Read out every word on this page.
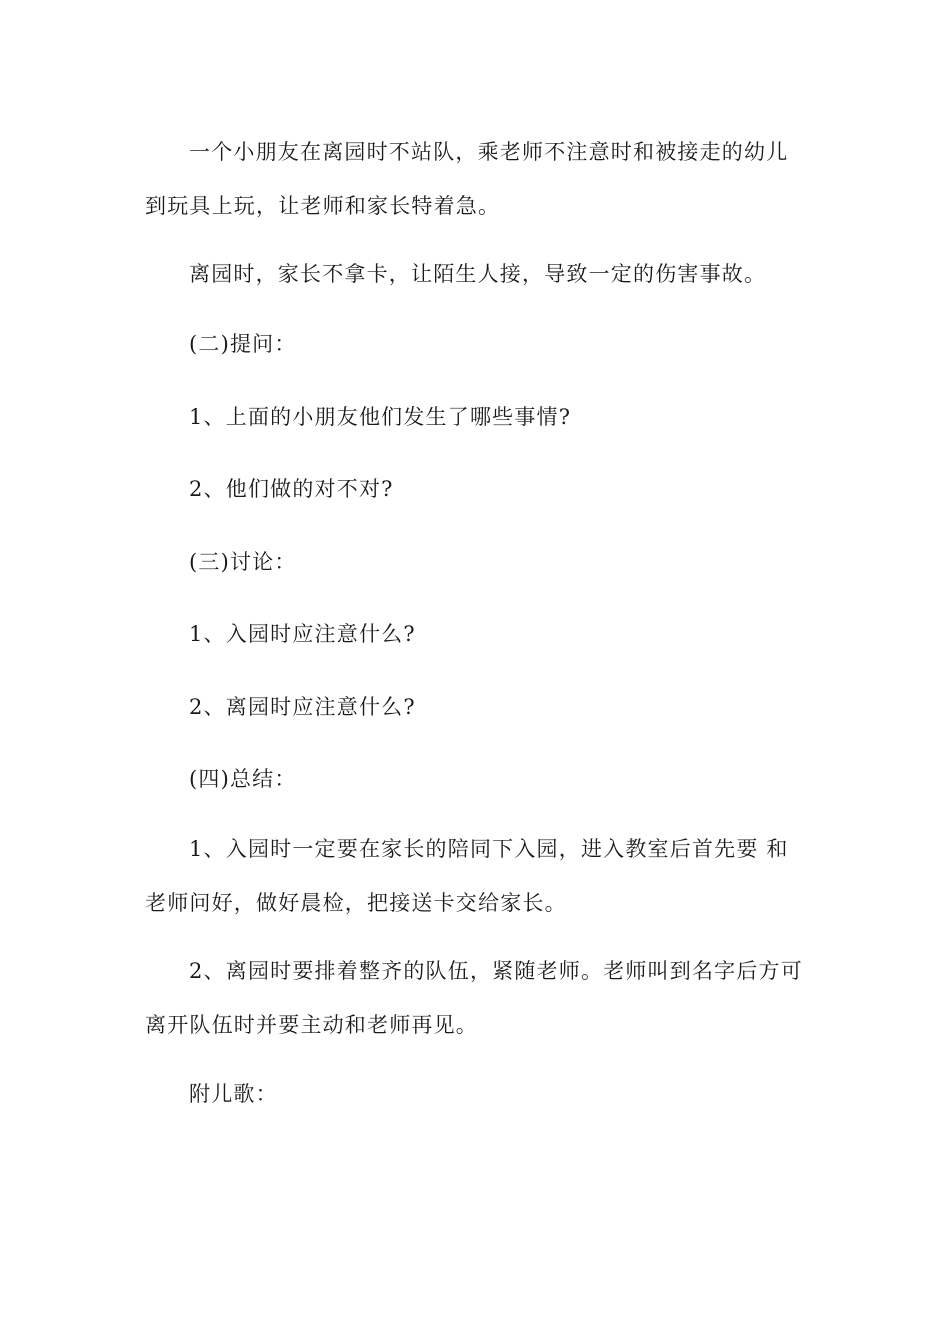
一个小朋友在离园时不站队，乘老师不注意时和被接走的幼儿到玩具上玩，让老师和家长特着急。

离园时，家长不拿卡，让陌生人接，导致一定的伤害事故。

(二)提问：

1、上面的小朋友他们发生了哪些事情?

2、他们做的对不对?

(三)讨论：

1、入园时应注意什么?

2、离园时应注意什么?

(四)总结：

1、入园时一定要在家长的陪同下入园，进入教室后首先要 和老师问好，做好晨检，把接送卡交给家长。

2、离园时要排着整齐的队伍，紧随老师。老师叫到名字后方可离开队伍时并要主动和老师再见。

附儿歌：
